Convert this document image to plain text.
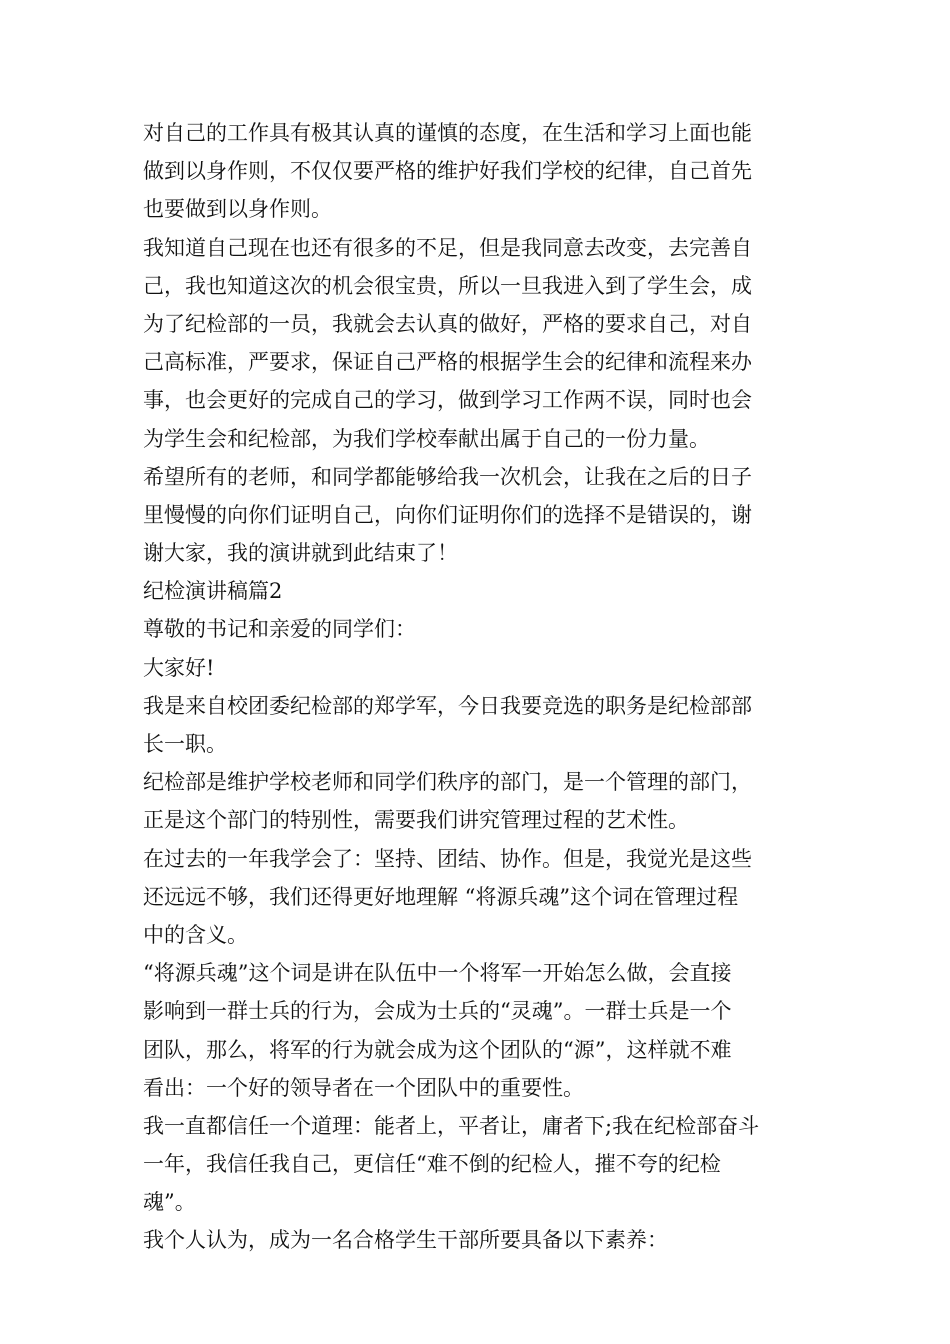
对自己的工作具有极其认真的谨慎的态度，在生活和学习上面也能
做到以身作则，不仅仅要严格的维护好我们学校的纪律，自己首先
也要做到以身作则。
我知道自己现在也还有很多的不足，但是我同意去改变，去完善自
己，我也知道这次的机会很宝贵，所以一旦我进入到了学生会，成
为了纪检部的一员，我就会去认真的做好，严格的要求自己，对自
己高标准，严要求，保证自己严格的根据学生会的纪律和流程来办
事，也会更好的完成自己的学习，做到学习工作两不误，同时也会
为学生会和纪检部，为我们学校奉献出属于自己的一份力量。
希望所有的老师，和同学都能够给我一次机会，让我在之后的日子
里慢慢的向你们证明自己，向你们证明你们的选择不是错误的，谢
谢大家，我的演讲就到此结束了！
纪检演讲稿篇2
尊敬的书记和亲爱的同学们：
大家好!
我是来自校团委纪检部的郑学军，今日我要竞选的职务是纪检部部
长一职。
纪检部是维护学校老师和同学们秩序的部门，是一个管理的部门，
正是这个部门的特别性，需要我们讲究管理过程的艺术性。
在过去的一年我学会了：坚持、团结、协作。但是，我觉光是这些
还远远不够，我们还得更好地理解 “将源兵魂”这个词在管理过程
中的含义。
“将源兵魂”这个词是讲在队伍中一个将军一开始怎么做，会直接
影响到一群士兵的行为，会成为士兵的“灵魂”。一群士兵是一个
团队，那么，将军的行为就会成为这个团队的“源”，这样就不难
看出：一个好的领导者在一个团队中的重要性。
我一直都信任一个道理：能者上，平者让，庸者下;我在纪检部奋斗
一年，我信任我自己，更信任“难不倒的纪检人，摧不夸的纪检
魂”。
我个人认为，成为一名合格学生干部所要具备以下素养：
